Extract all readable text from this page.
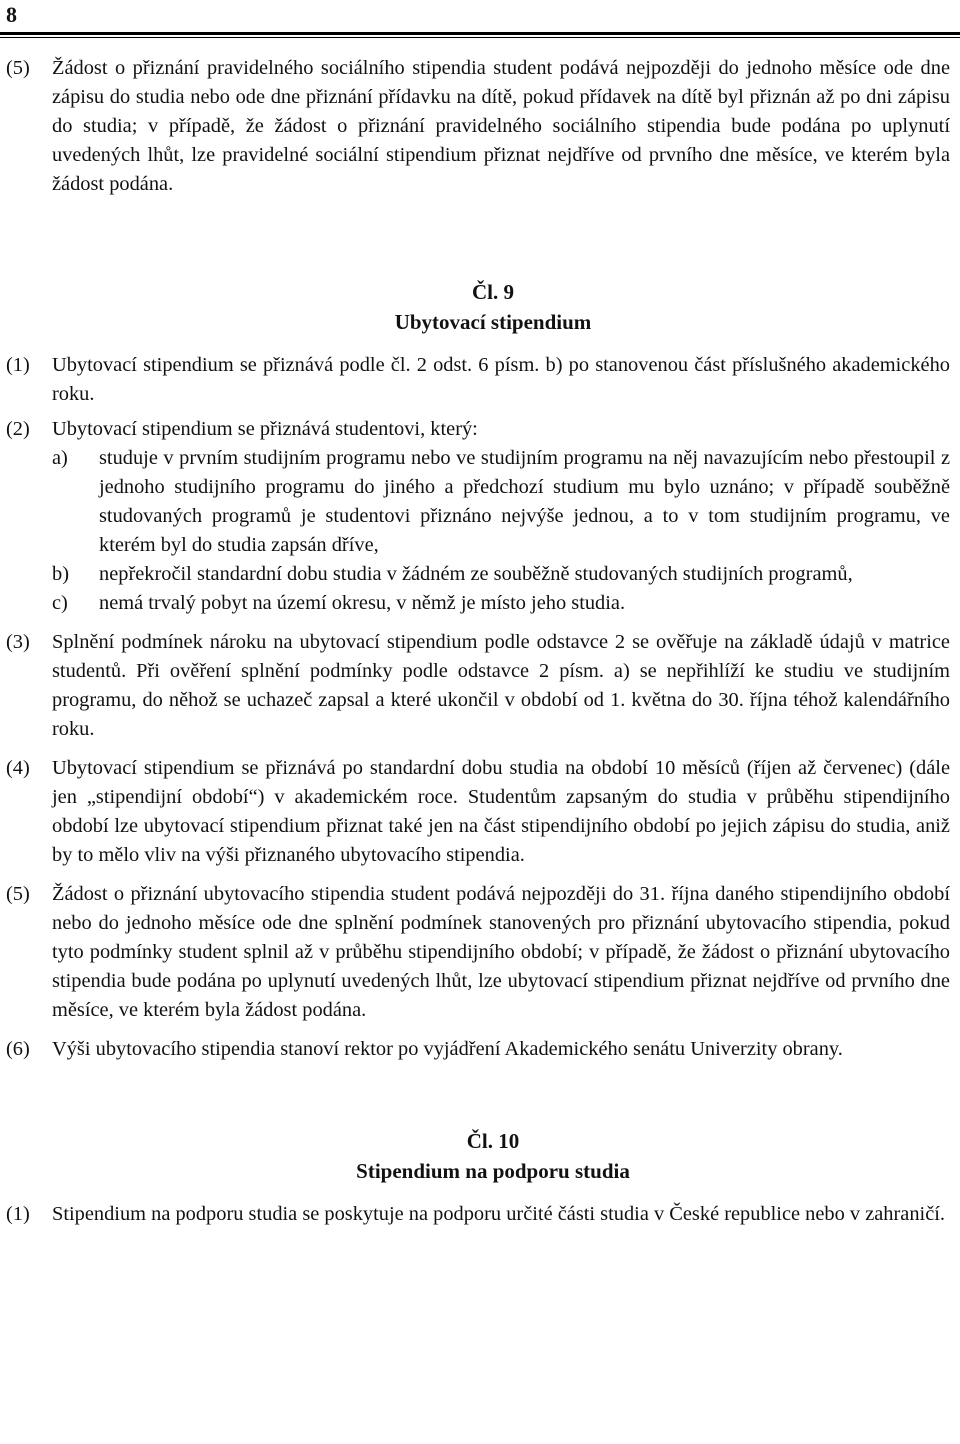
8
(5)	Žádost o přiznání pravidelného sociálního stipendia student podává nejpozději do jednoho měsíce ode dne zápisu do studia nebo ode dne přiznání přídavku na dítě, pokud přídavek na dítě byl přiznán až po dni zápisu do studia; v případě, že žádost o přiznání pravidelného sociálního stipendia bude podána po uplynutí uvedených lhůt, lze pravidelné sociální stipendium přiznat nejdříve od prvního dne měsíce, ve kterém byla žádost podána.
Čl. 9
Ubytovací stipendium
(1)	Ubytovací stipendium se přiznává podle čl. 2 odst. 6 písm. b) po stanovenou část příslušného akademického roku.
(2)	Ubytovací stipendium se přiznává studentovi, který:
a)	studuje v prvním studijním programu nebo ve studijním programu na něj navazujícím nebo přestoupil z jednoho studijního programu do jiného a předchozí studium mu bylo uznáno; v případě souběžně studovaných programů je studentovi přiznáno nejvýše jednou, a to v tom studijním programu, ve kterém byl do studia zapsán dříve,
b)	nepřekročil standardní dobu studia v žádném ze souběžně studovaných studijních programů,
c)	nemá trvalý pobyt na území okresu, v němž je místo jeho studia.
(3)	Splnění podmínek nároku na ubytovací stipendium podle odstavce 2 se ověřuje na základě údajů v matrice studentů. Při ověření splnění podmínky podle odstavce 2 písm. a) se nepřihlíží ke studiu ve studijním programu, do něhož se uchazeč zapsal a které ukončil v období od 1. května do 30. října téhož kalendářního roku.
(4)	Ubytovací stipendium se přiznává po standardní dobu studia na období 10 měsíců (říjen až červenec) (dále jen „stipendijní období“) v akademickém roce. Studentům zapsaným do studia v průběhu stipendijního období lze ubytovací stipendium přiznat také jen na část stipendijního období po jejich zápisu do studia, aniž by to mělo vliv na výši přiznaného ubytovacího stipendia.
(5)	Žádost o přiznání ubytovacího stipendia student podává nejpozději do 31. října daného stipendijního období nebo do jednoho měsíce ode dne splnění podmínek stanovených pro přiznání ubytovacího stipendia, pokud tyto podmínky student splnil až v průběhu stipendijního období; v případě, že žádost o přiznání ubytovacího stipendia bude podána po uplynutí uvedených lhůt, lze ubytovací stipendium přiznat nejdříve od prvního dne měsíce, ve kterém byla žádost podána.
(6)	Výši ubytovacího stipendia stanoví rektor po vyjádření Akademického senátu Univerzity obrany.
Čl. 10
Stipendium na podporu studia
(1)	Stipendium na podporu studia se poskytuje na podporu určité části studia v České republice nebo v zahraničí.
